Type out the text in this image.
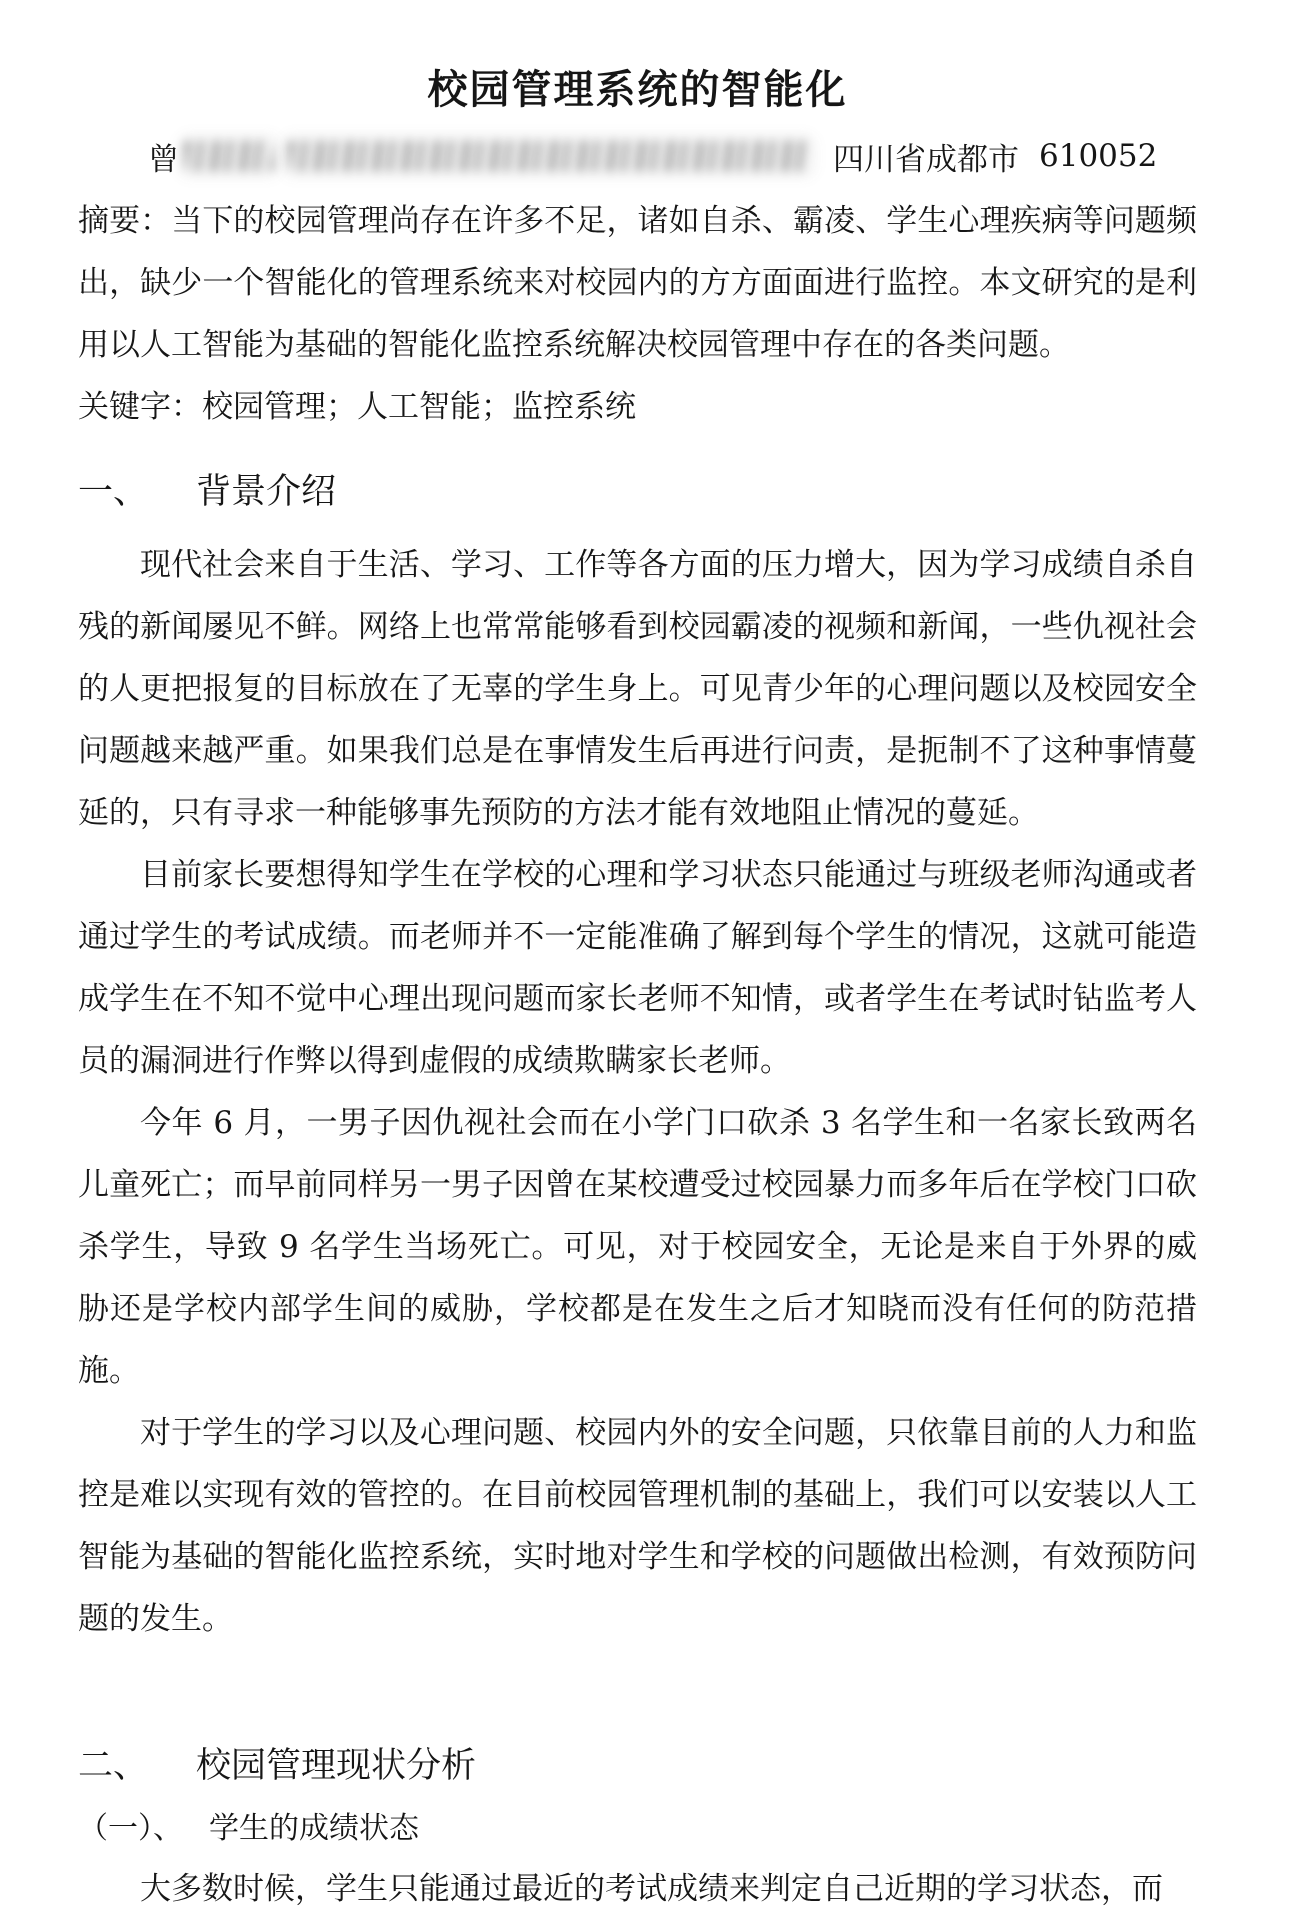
校园管理系统的智能化
曾	四川省成都市 610052

摘要：当下的校园管理尚存在许多不足，诸如自杀、霸凌、学生心理疾病等问题频出，缺少一个智能化的管理系统来对校园内的方方面面进行监控。本文研究的是利用以人工智能为基础的智能化监控系统解决校园管理中存在的各类问题。

关键字：校园管理；人工智能；监控系统

一、 背景介绍

现代社会来自于生活、学习、工作等各方面的压力增大，因为学习成绩自杀自残的新闻屡见不鲜。网络上也常常能够看到校园霸凌的视频和新闻，一些仇视社会的人更把报复的目标放在了无辜的学生身上。可见青少年的心理问题以及校园安全问题越来越严重。如果我们总是在事情发生后再进行问责，是扼制不了这种事情蔓延的，只有寻求一种能够事先预防的方法才能有效地阻止情况的蔓延。

目前家长要想得知学生在学校的心理和学习状态只能通过与班级老师沟通或者通过学生的考试成绩。而老师并不一定能准确了解到每个学生的情况，这就可能造成学生在不知不觉中心理出现问题而家长老师不知情，或者学生在考试时钻监考人员的漏洞进行作弊以得到虚假的成绩欺瞒家长老师。

今年 6 月，一男子因仇视社会而在小学门口砍杀 3 名学生和一名家长致两名儿童死亡；而早前同样另一男子因曾在某校遭受过校园暴力而多年后在学校门口砍杀学生，导致 9 名学生当场死亡。可见，对于校园安全，无论是来自于外界的威胁还是学校内部学生间的威胁，学校都是在发生之后才知晓而没有任何的防范措施。

对于学生的学习以及心理问题、校园内外的安全问题，只依靠目前的人力和监控是难以实现有效的管控的。在目前校园管理机制的基础上，我们可以安装以人工智能为基础的智能化监控系统，实时地对学生和学校的问题做出检测，有效预防问题的发生。

二、 校园管理现状分析
（一）、 学生的成绩状态

大多数时候，学生只能通过最近的考试成绩来判定自己近期的学习状态，而
